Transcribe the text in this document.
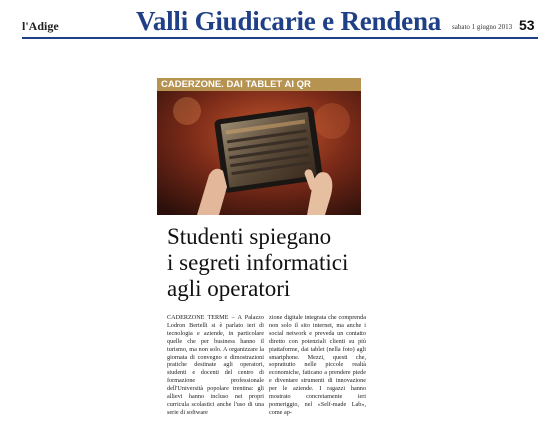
l'Adige	Valli Giudicarie e Rendena sabato 1 giugno 2013 53
CADERZONE. DAI TABLET AI QR
Studenti spiegano
i segreti informatici
agli operatori
CADERZONE TERME – A Palazzo Lodron Bertelli si è parlato ieri di tecnologia e aziende, in particolare quelle che per business hanno il turismo, ma non solo. A organizzare la giornata di convegno e dimostrazioni pratiche destinate agli operatori, studenti e docenti del centro di formazione professionale dell'Università popolare trentina: gli allievi hanno incluso nei propri curricula scolastici anche l'uso di una serie di software
zione digitale integrata che comprenda non solo il sito internet, ma anche i social network e preveda un contatto diretto con potenziali clienti su più piattaforme, dai tablet (nella foto) agli smartphone. Mezzi, questi che, soprattutto nelle piccole realtà economiche, faticano a prendere piede e diventare strumenti di innovazione per le aziende. I ragazzi hanno mostrato concretamente ieri pomeriggio, nel «Self-made Lab», come ap-
